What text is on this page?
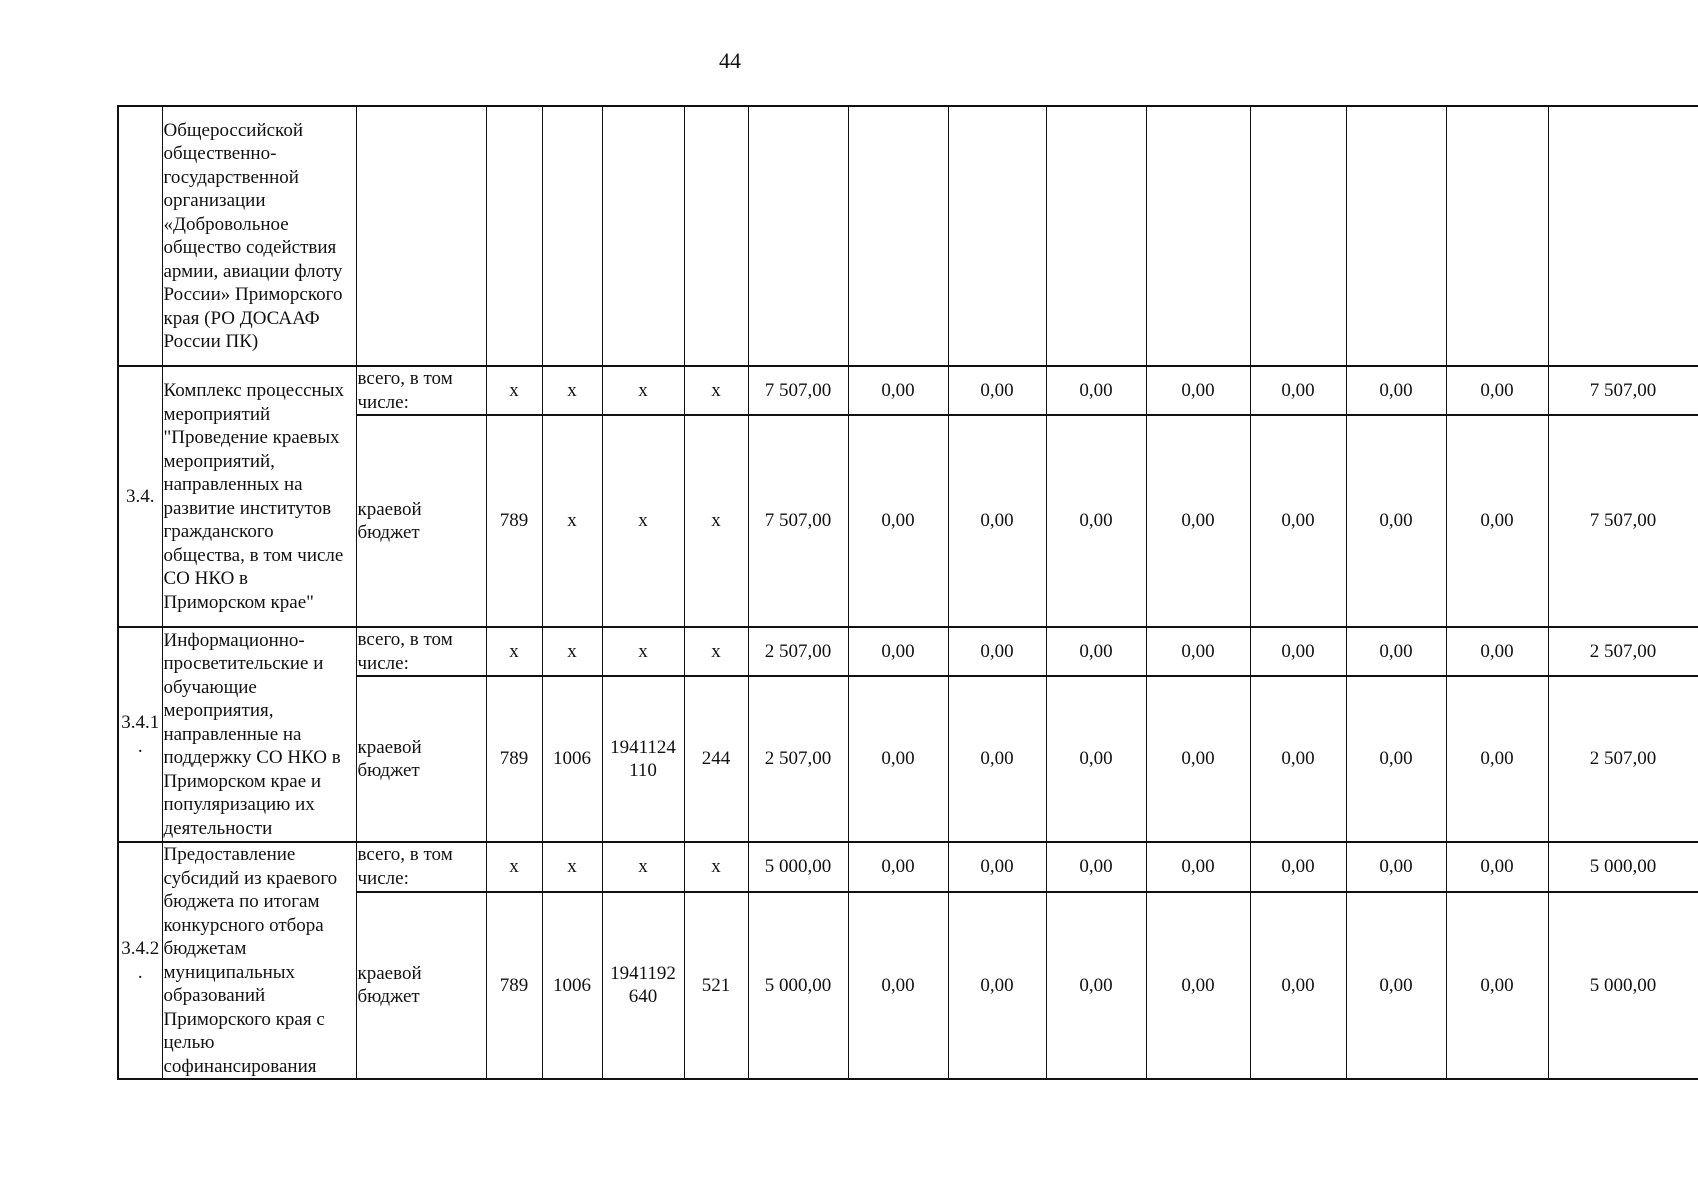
44
	Общероссийской общественно-государственной организации «Добровольное общество содействия армии, авиации флоту России» Приморского края (РО ДОСААФ России ПК)														
3.4.	Комплекс процессных мероприятий "Проведение краевых мероприятий, направленных на развитие институтов гражданского общества, в том числе СО НКО в Приморском крае"	всего, в том числе:	х	х	х	х	7 507,00	0,00	0,00	0,00	0,00	0,00	0,00	0,00	7 507,00
		краевой бюджет	789	х	х	х	7 507,00	0,00	0,00	0,00	0,00	0,00	0,00	0,00	7 507,00
3.4.1 .	Информационно-просветительские и обучающие мероприятия, направленные на поддержку СО НКО в Приморском крае и популяризацию их деятельности	всего, в том числе:	х	х	х	х	2 507,00	0,00	0,00	0,00	0,00	0,00	0,00	0,00	2 507,00
		краевой бюджет	789	1006	1941124 110	244	2 507,00	0,00	0,00	0,00	0,00	0,00	0,00	0,00	2 507,00
3.4.2 .	Предоставление субсидий из краевого бюджета по итогам конкурсного отбора бюджетам муниципальных образований Приморского края с целью софинансирования	всего, в том числе:	х	х	х	х	5 000,00	0,00	0,00	0,00	0,00	0,00	0,00	0,00	5 000,00
		краевой бюджет	789	1006	1941192 640	521	5 000,00	0,00	0,00	0,00	0,00	0,00	0,00	0,00	5 000,00
